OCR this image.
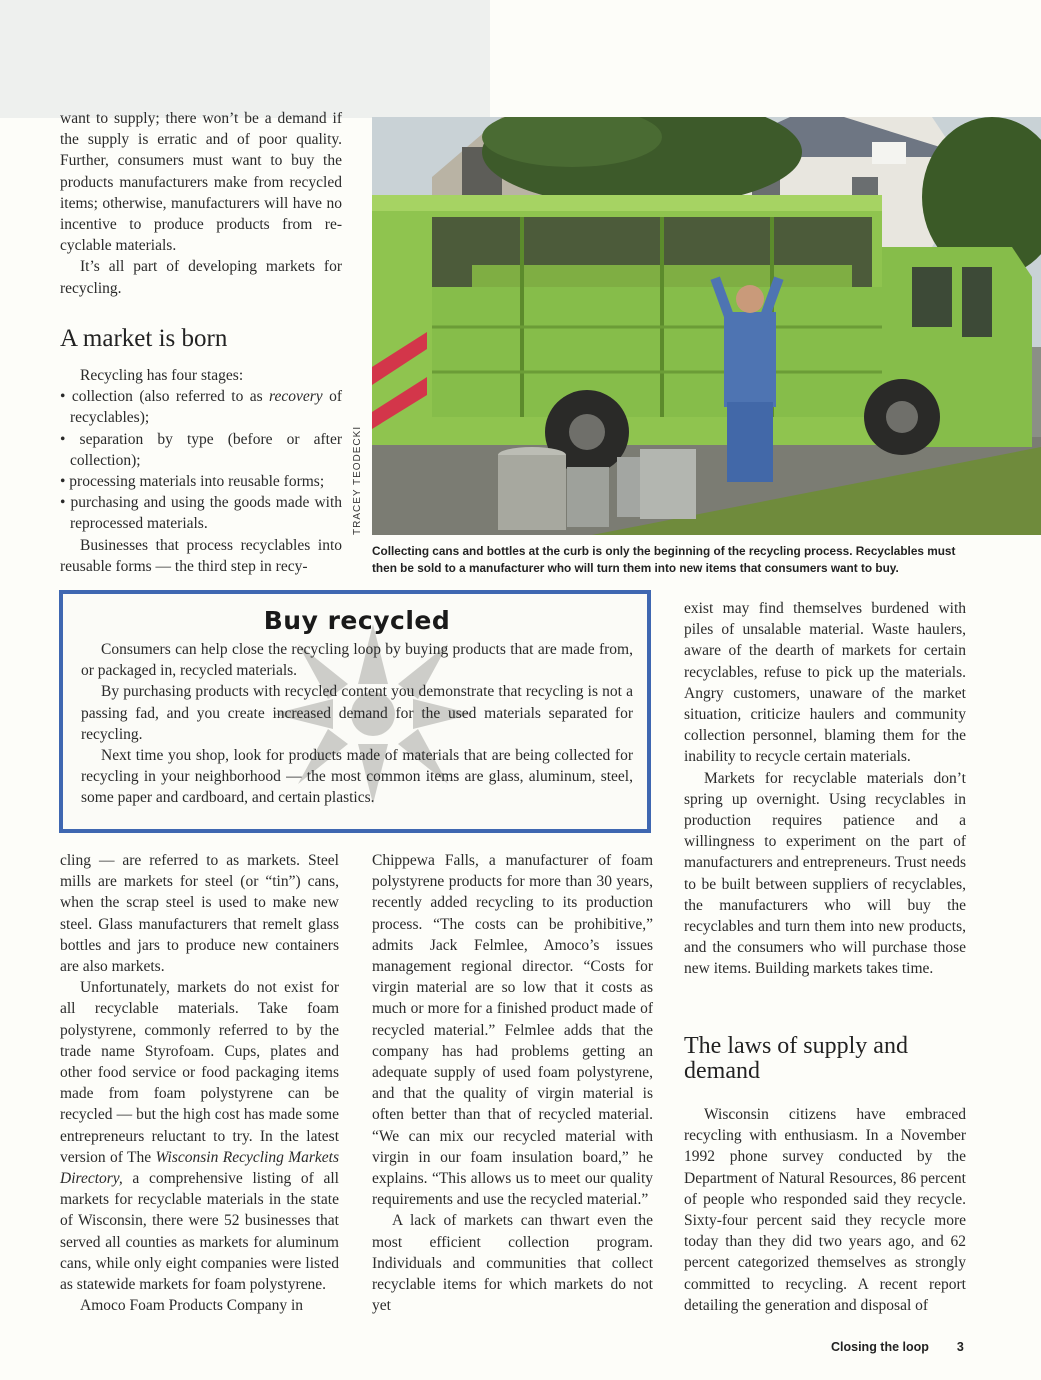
want to supply; there won’t be a demand if the supply is erratic and of poor quality. Further, consumers must want to buy the products manufacturers make from recycled items; otherwise, manufacturers will have no incentive to produce products from re-cyclable materials.

It’s all part of developing markets for recycling.

A market is born

Recycling has four stages:

• collection (also referred to as recovery of recyclables);

• separation by type (before or after collection);

• processing materials into reusable forms;

• purchasing and using the goods made with reprocessed materials.

Businesses that process recyclables into reusable forms — the third step in recy-

TRACEY TEODECKI
Collecting cans and bottles at the curb is only the beginning of the recycling process. Recyclables must then be sold to a manufacturer who will turn them into new items that consumers want to buy.
Buy recycled

Consumers can help close the recycling loop by buying products that are made from, or packaged in, recycled materials.

By purchasing products with recycled content you demonstrate that recycling is not a passing fad, and you create increased demand for the used materials separated for recycling.

Next time you shop, look for products made of materials that are being collected for recycling in your neighborhood — the most common items are glass, aluminum, steel, some paper and cardboard, and certain plastics.

cling — are referred to as markets. Steel mills are markets for steel (or “tin”) cans, when the scrap steel is used to make new steel. Glass manufacturers that remelt glass bottles and jars to produce new containers are also markets.

Unfortunately, markets do not exist for all recyclable materials. Take foam polystyrene, commonly referred to by the trade name Styrofoam. Cups, plates and other food service or food packaging items made from foam polystyrene can be recycled — but the high cost has made some entrepreneurs reluctant to try. In the latest version of The Wisconsin Recycling Markets Directory, a comprehensive listing of all markets for recyclable materials in the state of Wisconsin, there were 52 businesses that served all counties as markets for aluminum cans, while only eight companies were listed as statewide markets for foam polystyrene.

Amoco Foam Products Company in

Chippewa Falls, a manufacturer of foam polystyrene products for more than 30 years, recently added recycling to its production process. “The costs can be prohibitive,” admits Jack Felmlee, Amoco’s issues management regional director. “Costs for virgin material are so low that it costs as much or more for a finished product made of recycled material.” Felmlee adds that the company has had problems getting an adequate supply of used foam polystyrene, and that the quality of virgin material is often better than that of recycled material. “We can mix our recycled material with virgin in our foam insulation board,” he explains. “This allows us to meet our quality requirements and use the recycled material.”

A lack of markets can thwart even the most efficient collection program. Individuals and communities that collect recyclable items for which markets do not yet

exist may find themselves burdened with piles of unsalable material. Waste haulers, aware of the dearth of markets for certain recyclables, refuse to pick up the materials. Angry customers, unaware of the market situation, criticize haulers and community collection personnel, blaming them for the inability to recycle certain materials.

Markets for recyclable materials don’t spring up overnight. Using recyclables in production requires patience and a willingness to experiment on the part of manufacturers and entrepreneurs. Trust needs to be built between suppliers of recyclables, the manufacturers who will buy the recyclables and turn them into new products, and the consumers who will purchase those new items. Building markets takes time.

The laws of supply and demand

Wisconsin citizens have embraced recycling with enthusiasm. In a November 1992 phone survey conducted by the Department of Natural Resources, 86 percent of people who responded said they recycle. Sixty-four percent said they recycle more today than they did two years ago, and 62 percent categorized themselves as strongly committed to recycling. A recent report detailing the generation and disposal of

Closing the loop 3
